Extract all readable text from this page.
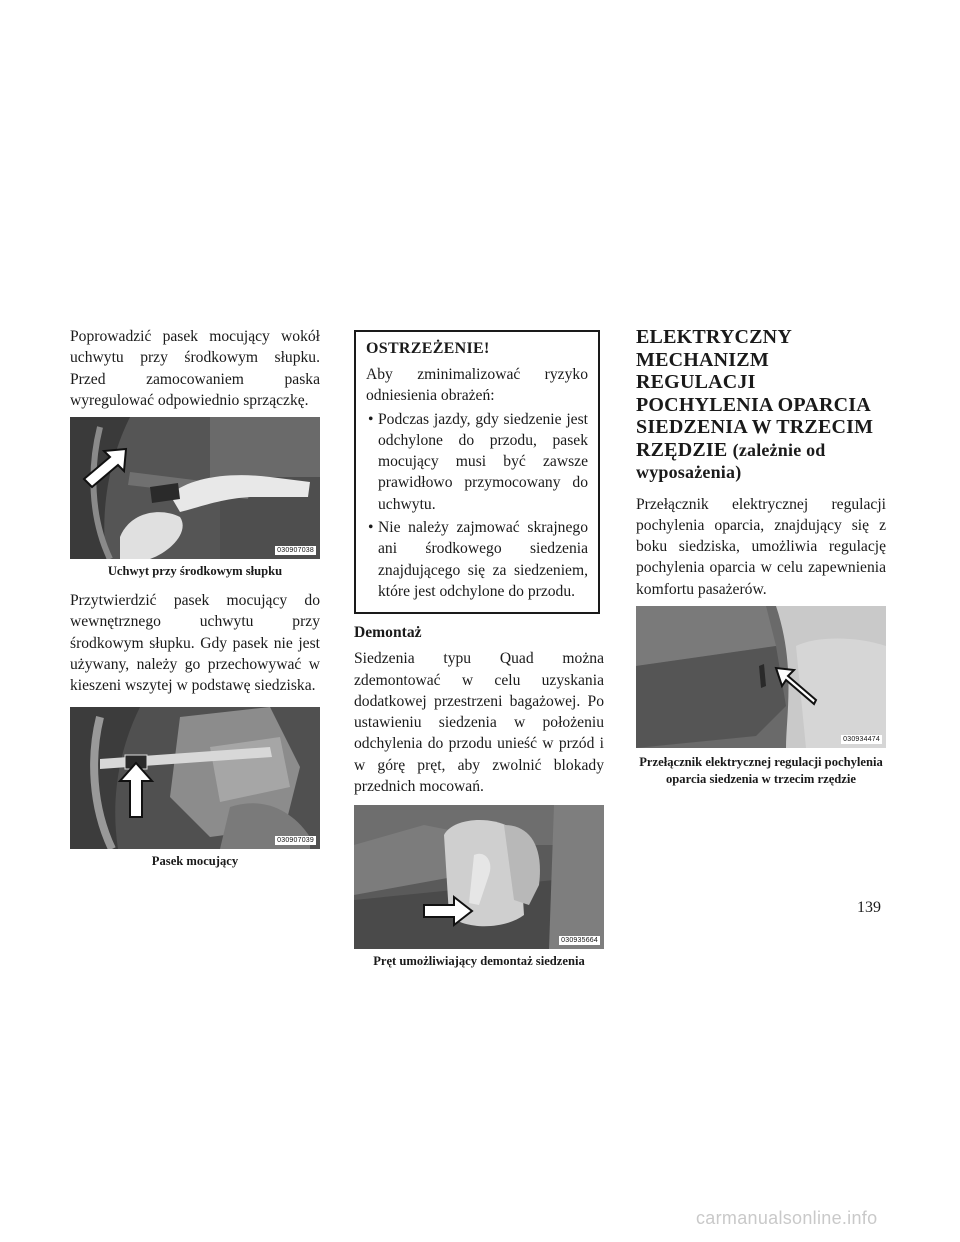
Poprowadzić pasek mocujący wokół uchwytu przy środkowym słupku. Przed zamocowaniem paska wyregulować odpowiednio sprzączkę.

030907038

Uchwyt przy środkowym słupku

Przytwierdzić pasek mocujący do wewnętrznego uchwytu przy środkowym słupku. Gdy pasek nie jest używany, należy go przechowywać w kieszeni wszytej w podstawę siedziska.

030907039

Pasek mocujący

OSTRZEŻENIE!

Aby zminimalizować ryzyko odniesienia obrażeń:

• Podczas jazdy, gdy siedzenie jest odchylone do przodu, pasek mocujący musi być zawsze prawidłowo przymocowany do uchwytu.
• Nie należy zajmować skrajnego ani środkowego siedzenia znajdującego się za siedzeniem, które jest odchylone do przodu.
Demontaż

Siedzenia typu Quad można zdemontować w celu uzyskania dodatkowej przestrzeni bagażowej. Po ustawieniu siedzenia w położeniu odchylenia do przodu unieść w przód i w górę pręt, aby zwolnić blokady przednich mocowań.

030935664

Pręt umożliwiający demontaż siedzenia

ELEKTRYCZNY MECHANIZM REGULACJI POCHYLENIA OPARCIA SIEDZENIA W TRZECIM RZĘDZIE (zależnie od wyposażenia)

Przełącznik elektrycznej regulacji pochylenia oparcia, znajdujący się z boku siedziska, umożliwia regulację pochylenia oparcia w celu zapewnienia komfortu pasażerów.

030934474

Przełącznik elektrycznej regulacji pochylenia oparcia siedzenia w trzecim rzędzie

139
carmanualsonline.info
